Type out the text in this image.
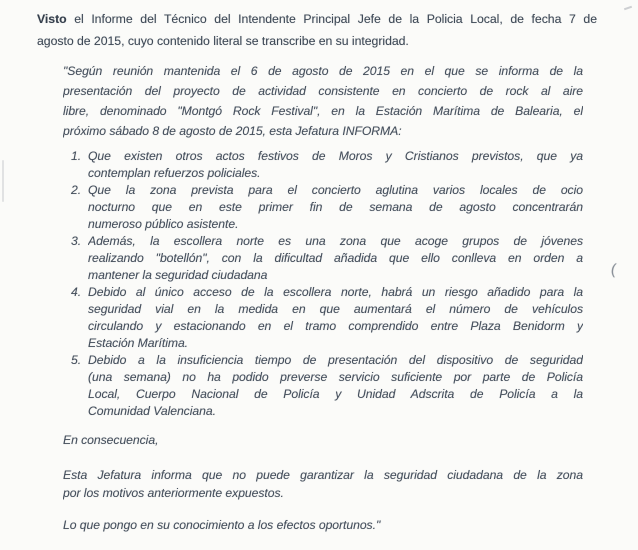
Visto el Informe del Técnico del Intendente Principal Jefe de la Policia Local, de fecha 7 de
agosto de 2015, cuyo contenido literal se transcribe en su integridad.
"Según reunión mantenida el 6 de agosto de 2015 en el que se informa de la
presentación del proyecto de actividad consistente en concierto de rock al aire
libre, denominado "Montgó Rock Festival", en la Estación Marítima de Balearia, el
próximo sábado 8 de agosto de 2015, esta Jefatura INFORMA:
1. Que existen otros actos festivos de Moros y Cristianos previstos, que ya
contemplan refuerzos policiales.
2. Que la zona prevista para el concierto aglutina varios locales de ocio
nocturno que en este primer fin de semana de agosto concentrarán
numeroso público asistente.
3. Además, la escollera norte es una zona que acoge grupos de jóvenes
realizando "botellón", con la dificultad añadida que ello conlleva en orden a
mantener la seguridad ciudadana
4. Debido al único acceso de la escollera norte, habrá un riesgo añadido para la
seguridad vial en la medida en que aumentará el número de vehículos
circulando y estacionando en el tramo comprendido entre Plaza Benidorm y
Estación Marítima.
5. Debido a la insuficiencia tiempo de presentación del dispositivo de seguridad
(una semana) no ha podido preverse servicio suficiente por parte de Policía
Local, Cuerpo Nacional de Policía y Unidad Adscrita de Policía a la
Comunidad Valenciana.
En consecuencia,
Esta Jefatura informa que no puede garantizar la seguridad ciudadana de la zona
por los motivos anteriormente expuestos.
Lo que pongo en su conocimiento a los efectos oportunos."
(
